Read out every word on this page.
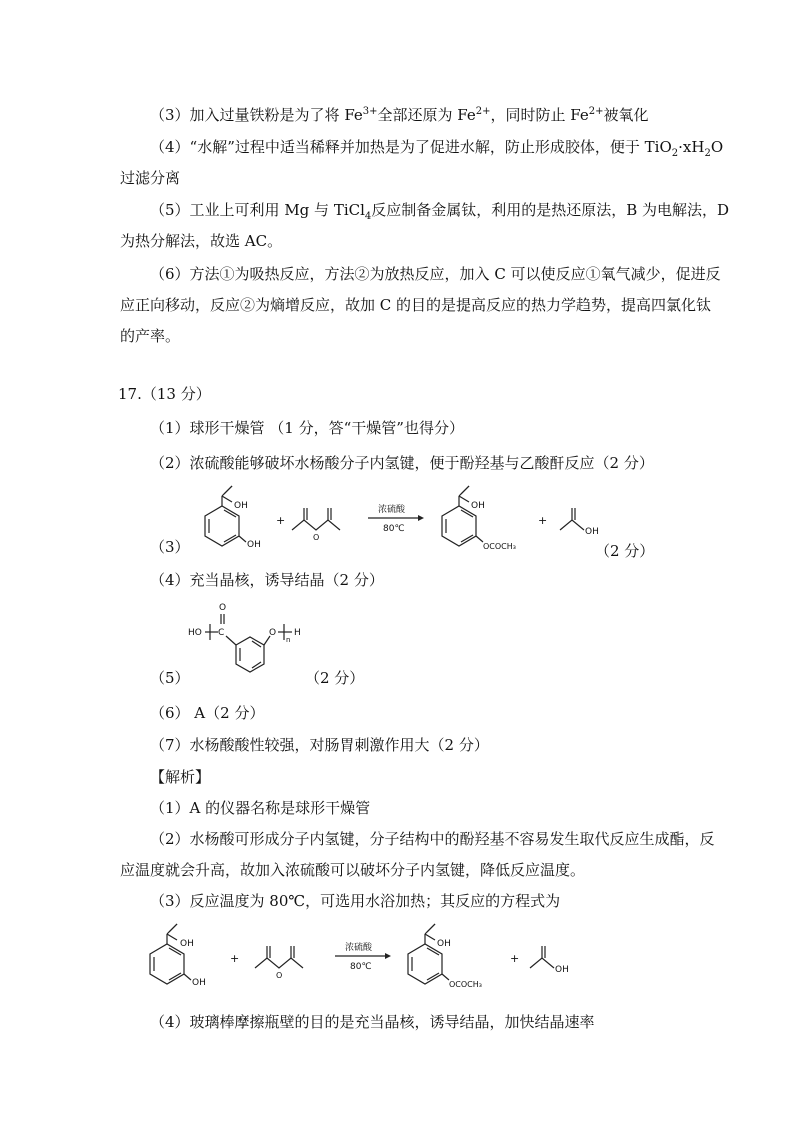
（3）加入过量铁粉是为了将 $Fe^{3+}$全部还原为 $Fe^{2+}$，同时防止 $Fe^{2+}$被氧化
（4）“水解”过程中适当稀释并加热是为了促进水解，防止形成胶体，便于 $TiO_2\cdot xH_2O$
过滤分离
（5）工业上可利用 Mg 与 TiCl$_4$反应制备金属钛，利用的是热还原法，B 为电解法，D
为热分解法，故选 AC。
（6）方法①为吸热反应，方法②为放热反应，加入 C 可以使反应①氧气减少，促进反
应正向移动，反应②为熵增反应，故加 C 的目的是提高反应的热力学趋势，提高四氯化钛
的产率。
17.（13 分）
（1）球形干燥管 （1 分，答“干燥管”也得分）
（2）浓硫酸能够破坏水杨酸分子内氢键，便于酚羟基与乙酸酐反应（2 分）
（3）
OH
OH
+
O
浓硫酸
80℃
OH
OCOCH₃
+
OH
（2 分）
（4）充当晶核，诱导结晶（2 分）
（5）
HO C
O
O
n
H
（2 分）
（6） A（2 分）
（7）水杨酸酸性较强，对肠胃刺激作用大（2 分）
【解析】
（1）A 的仪器名称是球形干燥管
（2）水杨酸可形成分子内氢键，分子结构中的酚羟基不容易发生取代反应生成酯，反
应温度就会升高，故加入浓硫酸可以破坏分子内氢键，降低反应温度。
（3）反应温度为 80℃，可选用水浴加热；其反应的方程式为
OH
OH
+
O
浓硫酸
80℃
OH
OCOCH₃
+
OH
（4）玻璃棒摩擦瓶壁的目的是充当晶核，诱导结晶，加快结晶速率
